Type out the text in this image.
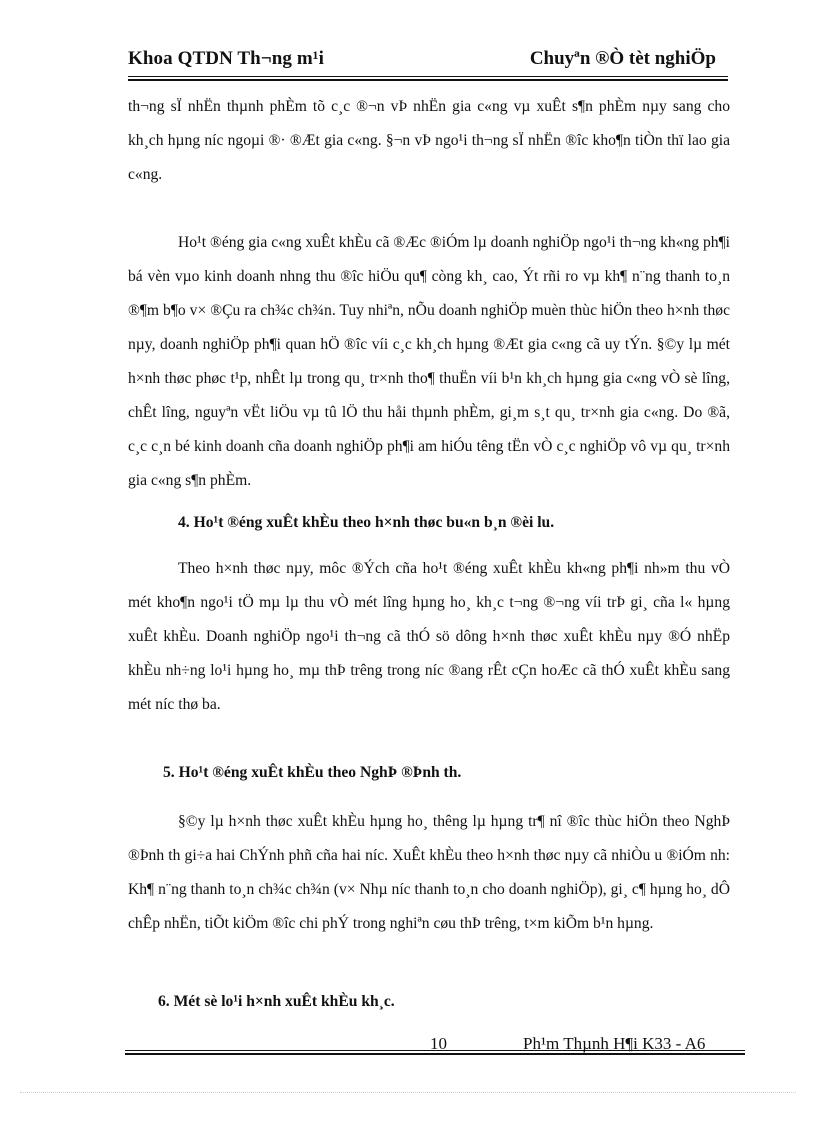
Khoa QTDN Th¬ng m¹i	Chuyªn ®Ò tèt nghiÖp

th¬ng sÏ nhËn thµnh phÈm tõ c¸c ®¬n vÞ nhËn gia c«ng vµ xuÊt s¶n phÈm nµy sang cho kh¸ch hµng níc ngoµi ®· ®Æt gia c«ng. §¬n vÞ ngo¹i th¬ng sÏ nhËn ®îc kho¶n tiÒn thï lao gia c«ng.

Ho¹t ®éng gia c«ng xuÊt khÈu cã ®Æc ®iÓm lµ doanh nghiÖp ngo¹i th¬ng kh«ng ph¶i bá vèn vµo kinh doanh nhng thu ®îc hiÖu qu¶ còng kh¸ cao, Ýt rñi ro vµ kh¶ n¨ng thanh to¸n ®¶m b¶o v× ®Çu ra ch¾c ch¾n. Tuy nhiªn, nÕu doanh nghiÖp muèn thùc hiÖn theo h×nh thøc nµy, doanh nghiÖp ph¶i quan hÖ ®îc víi c¸c kh¸ch hµng ®Æt gia c«ng cã uy tÝn. §©y lµ mét h×nh thøc phøc t¹p, nhÊt lµ trong qu¸ tr×nh tho¶ thuËn víi b¹n kh¸ch hµng gia c«ng vÒ sè lîng, chÊt lîng, nguyªn vËt liÖu vµ tû lÖ thu håi thµnh phÈm, gi¸m s¸t qu¸ tr×nh gia c«ng. Do ®ã, c¸c c¸n bé kinh doanh cña doanh nghiÖp ph¶i am hiÓu têng tËn vÒ c¸c nghiÖp vô vµ qu¸ tr×nh gia c«ng s¶n phÈm.

4. Ho¹t ®éng xuÊt khÈu theo h×nh thøc bu«n b¸n ®èi lu.

Theo h×nh thøc nµy, môc ®Ých cña ho¹t ®éng xuÊt khÈu kh«ng ph¶i nh»m thu vÒ mét kho¶n ngo¹i tÖ mµ lµ thu vÒ mét lîng hµng ho¸ kh¸c t¬ng ®¬ng víi trÞ gi¸ cña l« hµng xuÊt khÈu. Doanh nghiÖp ngo¹i th¬ng cã thÓ sö dông h×nh thøc xuÊt khÈu nµy ®Ó nhËp khÈu nh÷ng lo¹i hµng ho¸ mµ thÞ trêng trong níc ®ang rÊt cÇn hoÆc cã thÓ xuÊt khÈu sang mét níc thø ba.

5. Ho¹t ®éng xuÊt khÈu theo NghÞ ®Þnh th.

§©y lµ h×nh thøc xuÊt khÈu hµng ho¸ thêng lµ hµng tr¶ nî ®îc thùc hiÖn theo NghÞ ®Þnh th gi÷a hai ChÝnh phñ cña hai níc. XuÊt khÈu theo h×nh thøc nµy cã nhiÒu u ®iÓm nh: Kh¶ n¨ng thanh to¸n ch¾c ch¾n (v× Nhµ níc thanh to¸n cho doanh nghiÖp), gi¸ c¶ hµng ho¸ dÔ chÊp nhËn, tiÕt kiÖm ®îc chi phÝ trong nghiªn cøu thÞ trêng, t×m kiÕm b¹n hµng.

6. Mét sè lo¹i h×nh xuÊt khÈu kh¸c.

10	Ph¹m Thµnh H¶i K33 - A6
